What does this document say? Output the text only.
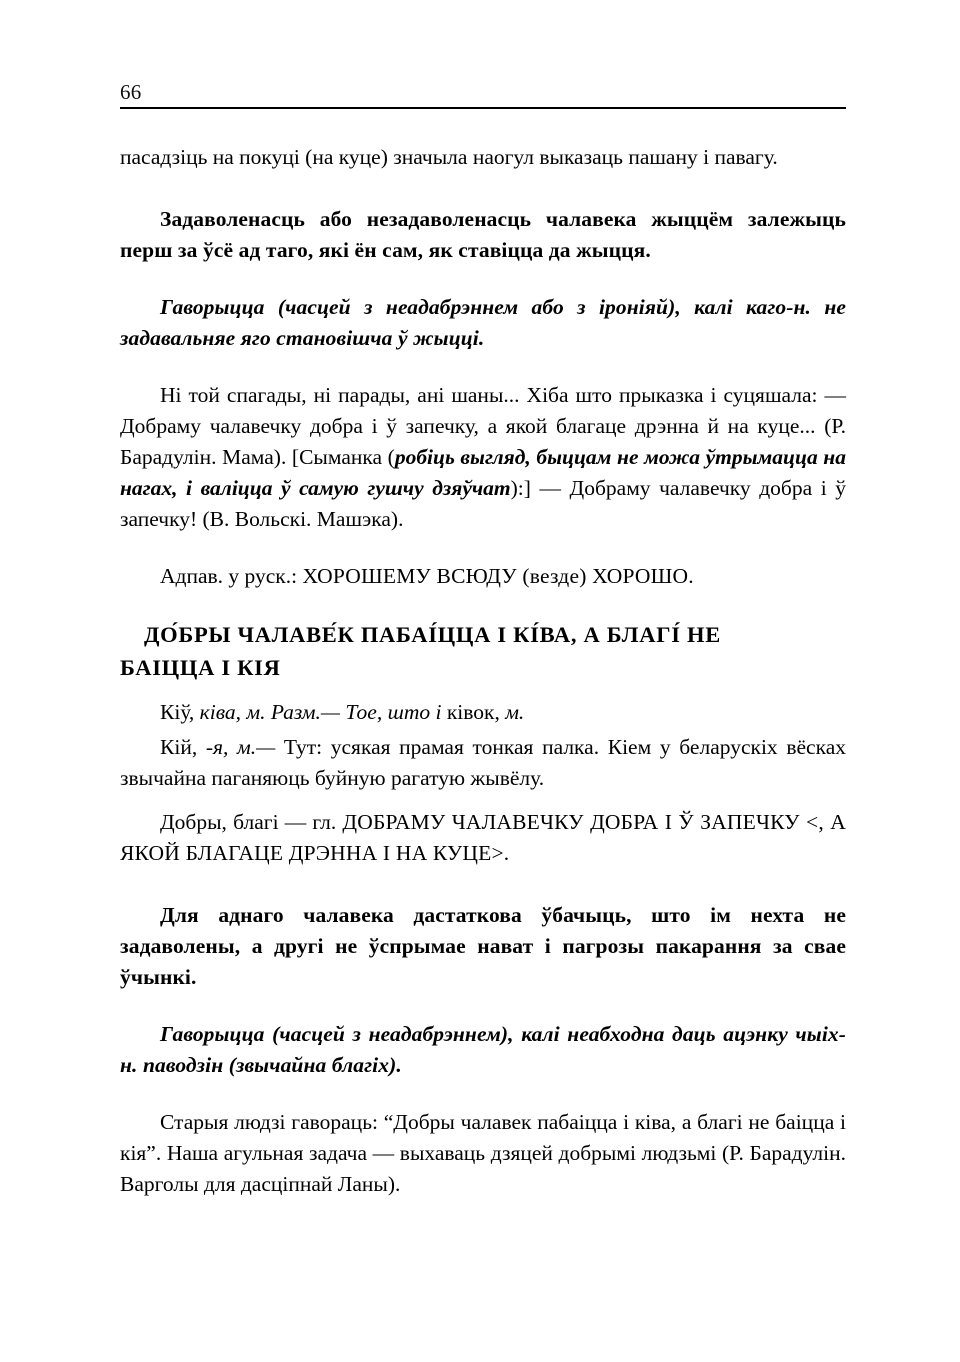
66

пасадзіць на покуці (на куце) значыла наогул выказаць пашану і павагу.

Задаволенасць або незадаволенасць чалавека жыццём залежыць перш за ўсё ад таго, які ён сам, як ставіцца да жыцця.

Гаворыцца (часцей з неадабрэннем або з іроніяй), калі каго-н. не задавальняе яго становішча ў жыцці.

Ні той спагады, ні парады, ані шаны... Хіба што прыказка і суцяшала: — Добраму чалавечку добра і ў запечку, а якой благаце дрэнна й на куце... (Р. Барадулін. Мама). [Сыманка (робіць выгляд, быццам не можа ўтрымацца на нагах, і валіцца ў самую гушчу дзяўчат):] — Добраму чалавечку добра і ў запечку! (В. Вольскі. Машэка).

Адпав. у руск.: ХОРОШЕМУ ВСЮДУ (везде) ХОРОШО.

ДО́БРЫ ЧАЛАВЕ́К ПАБАІ́ЦЦА І КІ́ВА, А БЛАГІ́ НЕ
БАІЦЦА І КІЯ

Кіў, ківа, м. Разм.— Тое, што і ківок, м.

Кій, -я, м.— Тут: усякая прамая тонкая палка. Кіем у беларускіх вёсках звычайна паганяюць буйную рагатую жывёлу.

Добры, благі — гл. ДОБРАМУ ЧАЛАВЕЧКУ ДОБРА І Ў ЗАПЕЧКУ <, А ЯКОЙ БЛАГАЦЕ ДРЭННА І НА КУЦЕ>.

Для аднаго чалавека дастаткова ўбачыць, што ім нехта не задаволены, а другі не ўспрымае нават і пагрозы пакарання за свае ўчынкі.

Гаворыцца (часцей з неадабрэннем), калі неабходна даць ацэнку чыіх-н. паводзін (звычайна благіх).

Старыя людзі гавораць: “Добры чалавек пабаіцца і ківа, а благі не баіцца і кія”. Наша агульная задача — выхаваць дзяцей добрымі людзьмі (Р. Барадулін. Варголы для дасціпнай Ланы).
